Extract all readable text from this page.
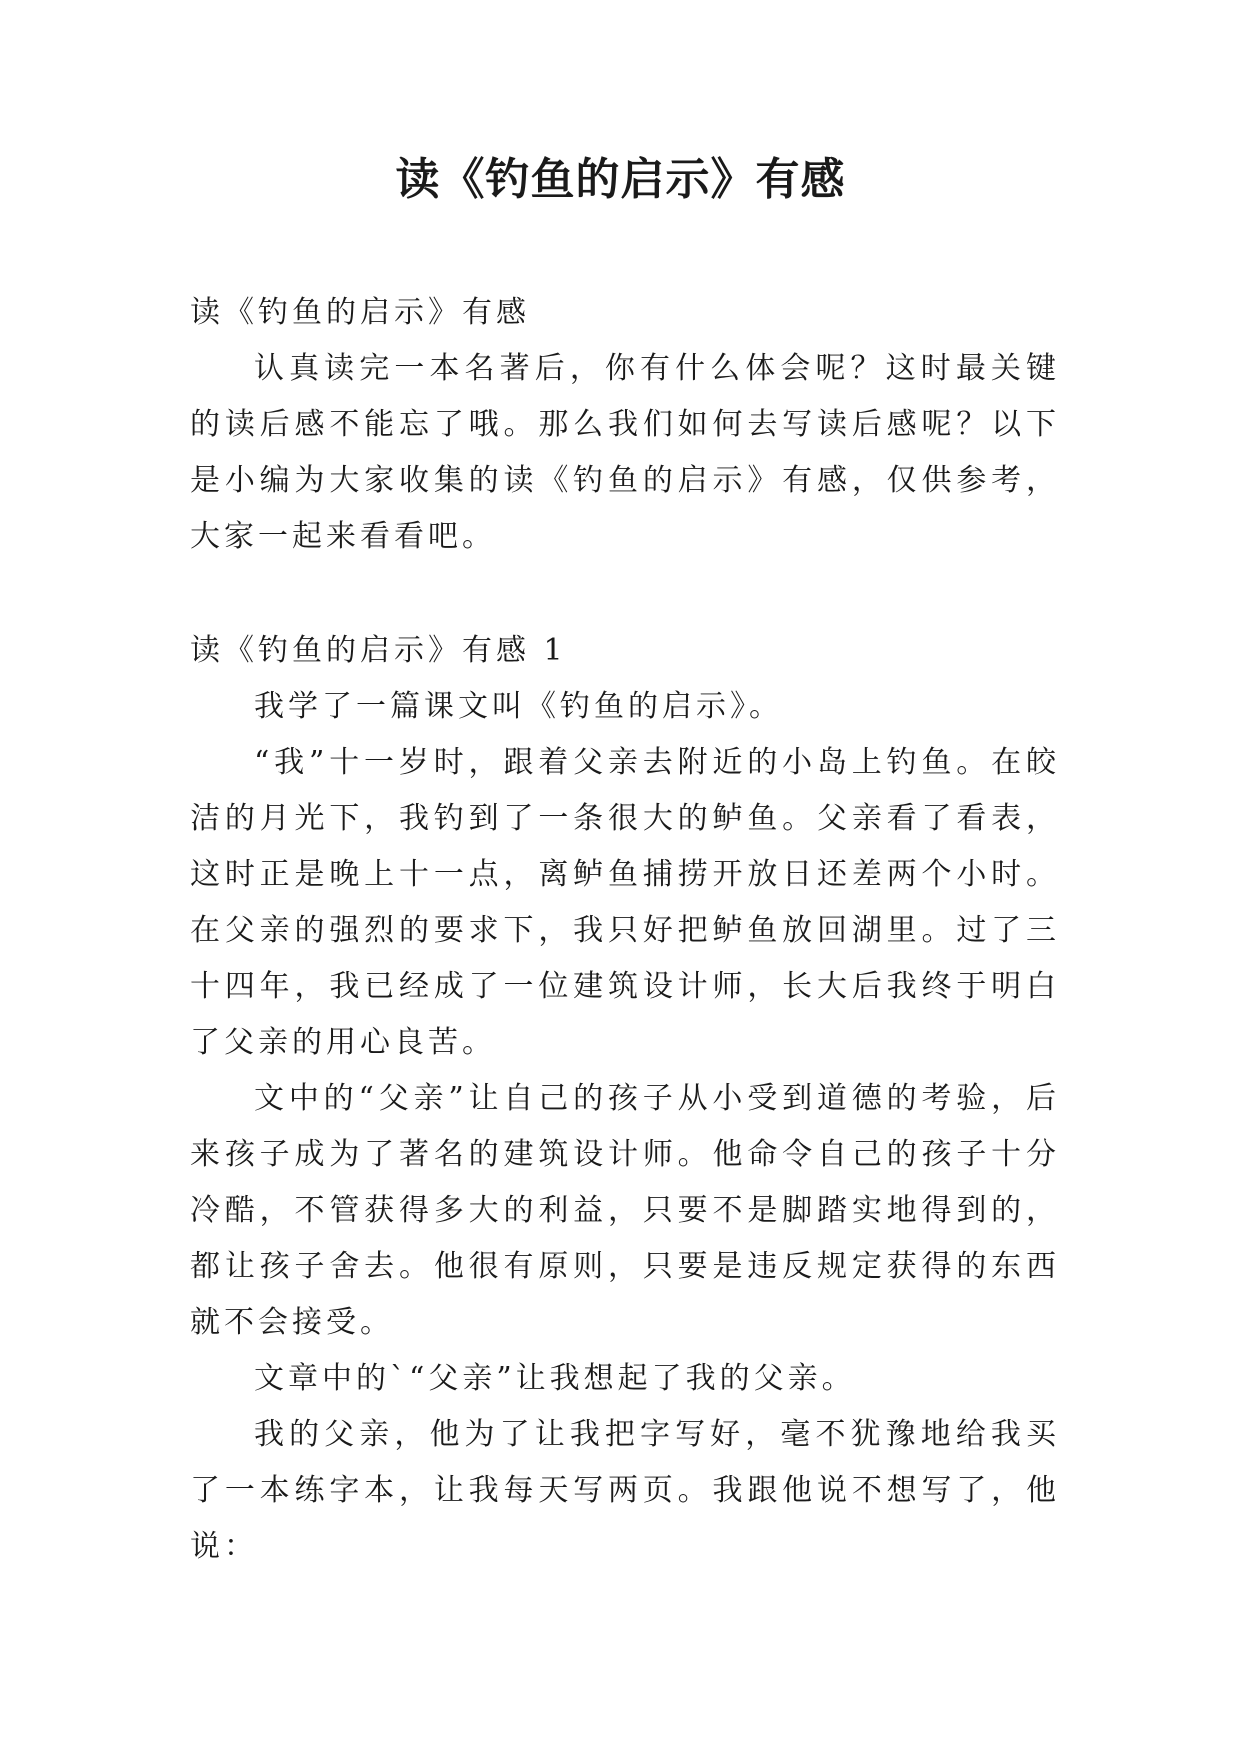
读《钓鱼的启示》有感

读《钓鱼的启示》有感

认真读完一本名著后，你有什么体会呢？这时最关键的读后感不能忘了哦。那么我们如何去写读后感呢？以下是小编为大家收集的读《钓鱼的启示》有感，仅供参考，大家一起来看看吧。

读《钓鱼的启示》有感 1

我学了一篇课文叫《钓鱼的启示》。

“我”十一岁时，跟着父亲去附近的小岛上钓鱼。在皎洁的月光下，我钓到了一条很大的鲈鱼。父亲看了看表，这时正是晚上十一点，离鲈鱼捕捞开放日还差两个小时。在父亲的强烈的要求下，我只好把鲈鱼放回湖里。过了三十四年，我已经成了一位建筑设计师，长大后我终于明白了父亲的用心良苦。

文中的“父亲”让自己的孩子从小受到道德的考验，后来孩子成为了著名的建筑设计师。他命令自己的孩子十分冷酷，不管获得多大的利益，只要不是脚踏实地得到的，都让孩子舍去。他很有原则，只要是违反规定获得的东西就不会接受。

文章中的`“父亲”让我想起了我的父亲。

我的父亲，他为了让我把字写好，毫不犹豫地给我买了一本练字本，让我每天写两页。我跟他说不想写了，他说：
